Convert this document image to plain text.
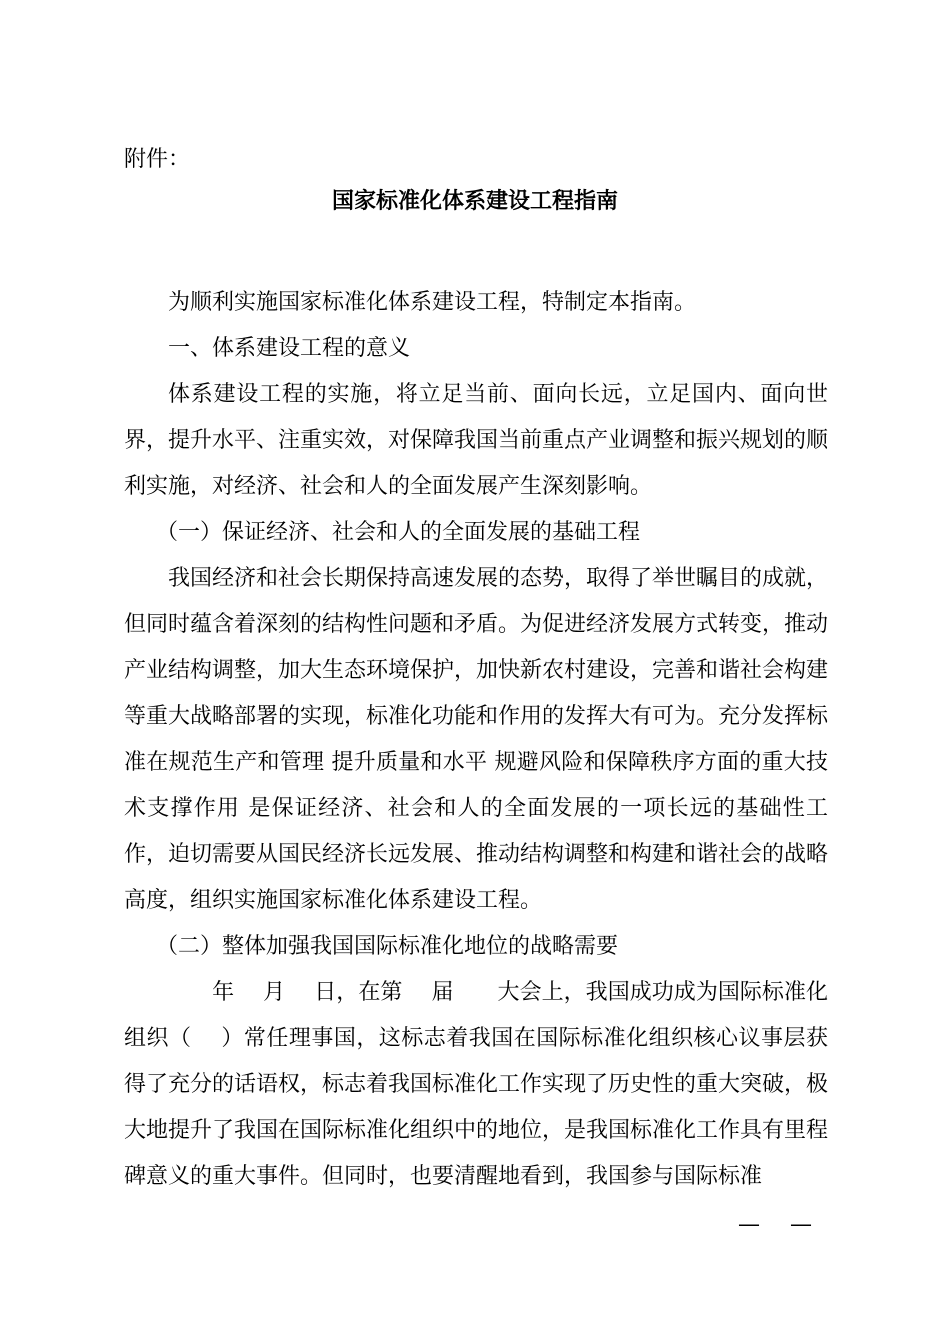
附件：
国家标准化体系建设工程指南

为顺利实施国家标准化体系建设工程，特制定本指南。

一、体系建设工程的意义

体系建设工程的实施，将立足当前、面向长远，立足国内、面向世界，提升水平、注重实效，对保障我国当前重点产业调整和振兴规划的顺利实施，对经济、社会和人的全面发展产生深刻影响。

（一）保证经济、社会和人的全面发展的基础工程

我国经济和社会长期保持高速发展的态势，取得了举世瞩目的成就，但同时蕴含着深刻的结构性问题和矛盾。为促进经济发展方式转变，推动产业结构调整，加大生态环境保护，加快新农村建设，完善和谐社会构建等重大战略部署的实现，标准化功能和作用的发挥大有可为。充分发挥标准在规范生产和管理 提升质量和水平 规避风险和保障秩序方面的重大技术支撑作用 是保证经济、社会和人的全面发展的一项长远的基础性工作，迫切需要从国民经济长远发展、推动结构调整和构建和谐社会的战略高度，组织实施国家标准化体系建设工程。

（二）整体加强我国国际标准化地位的战略需要

　　年　 月　 日，在第　 届　　大会上，我国成功成为国际标准化组织（　 ）常任理事国，这标志着我国在国际标准化组织核心议事层获得了充分的话语权，标志着我国标准化工作实现了历史性的重大突破，极大地提升了我国在国际标准化组织中的地位，是我国标准化工作具有里程碑意义的重大事件。但同时，也要清醒地看到，我国参与国际标准

—　—
